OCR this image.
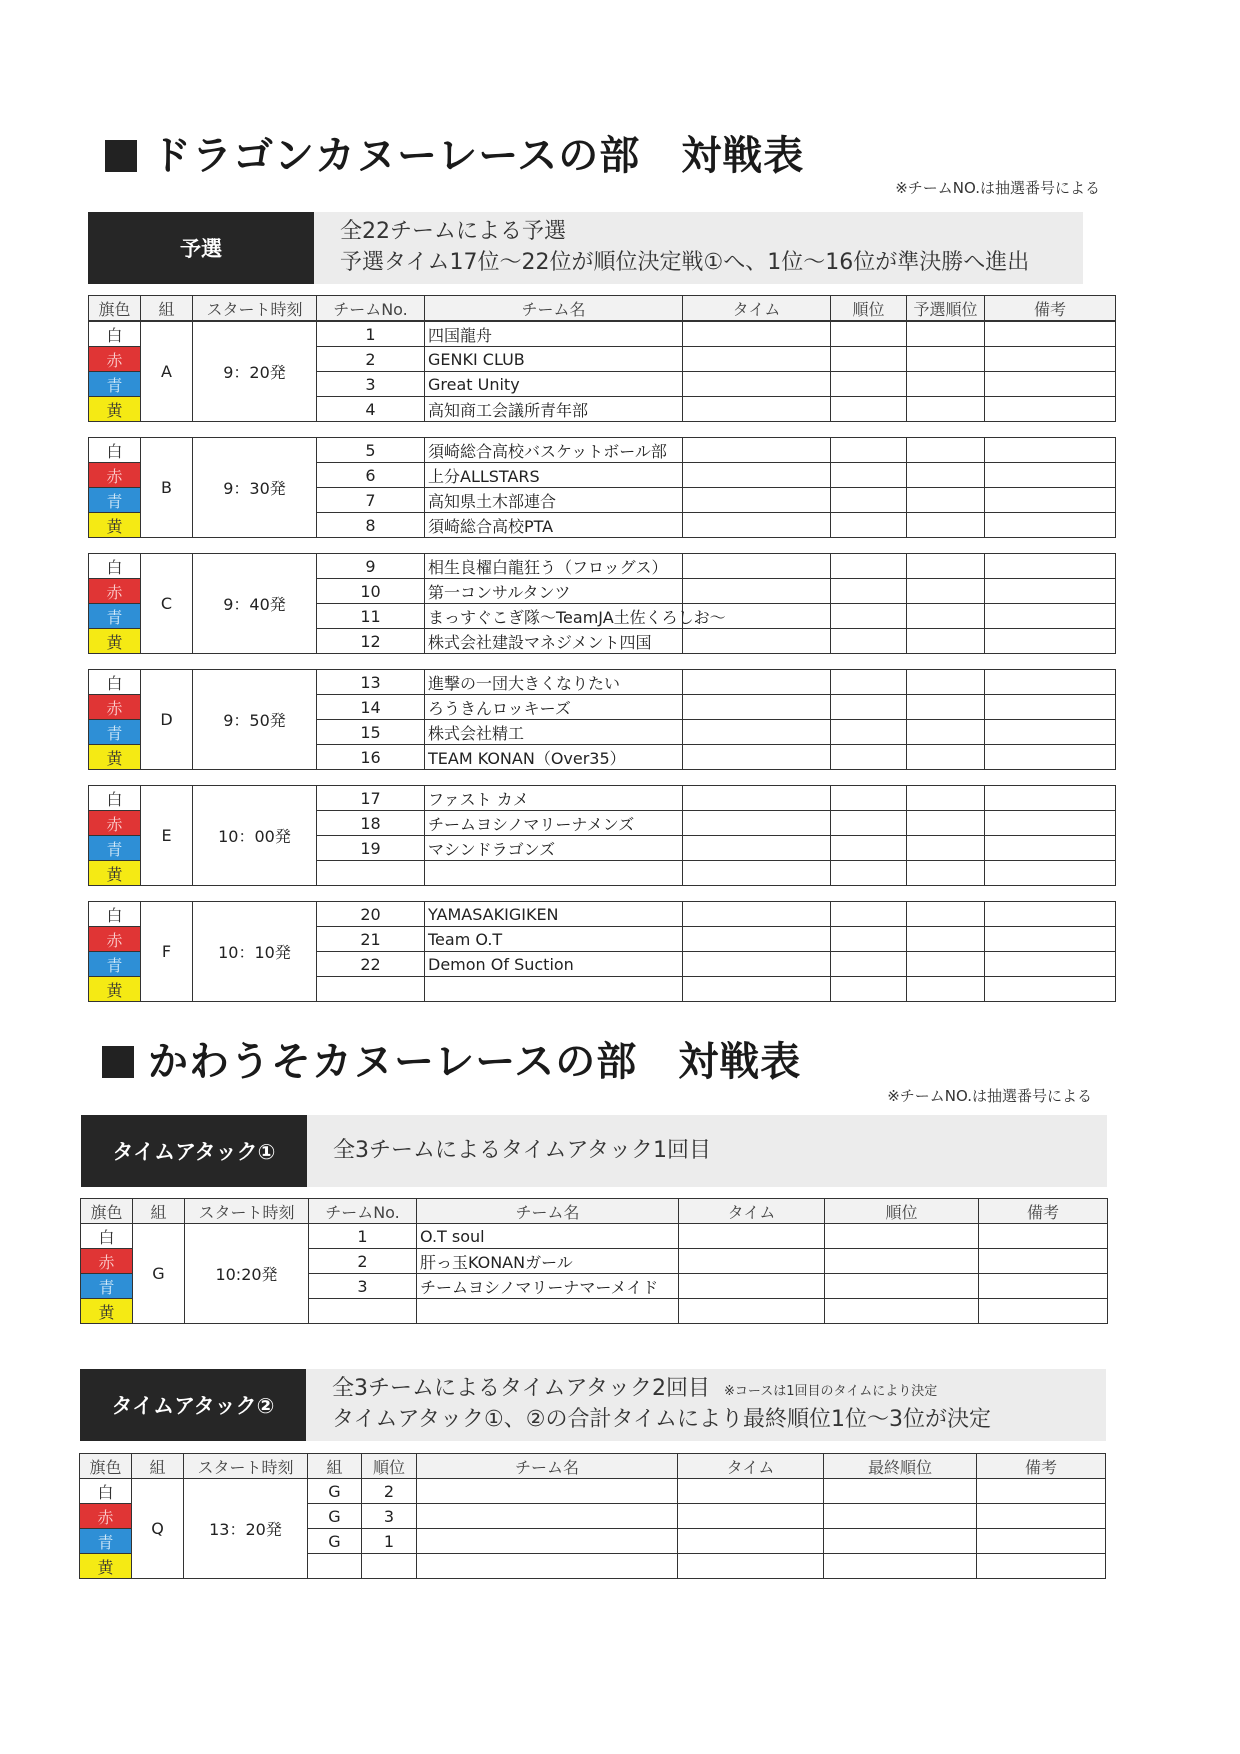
ドラゴンカヌーレースの部　対戦表
※チームNO.は抽選番号による
予選
全22チームによる予選
予選タイム17位～22位が順位決定戦①へ、1位～16位が準決勝へ進出
旗色	組	スタート時刻	チームNo.	チーム名	タイム	順位	予選順位	備考
白	A	9：20発	1	四国龍舟				
赤			2	GENKI CLUB				
青			3	Great Unity				
黄			4	高知商工会議所青年部				
白	B	9：30発	5	須崎総合高校バスケットボール部				
赤			6	上分ALLSTARS				
青			7	高知県土木部連合				
黄			8	須崎総合高校PTA				
白	C	9：40発	9	相生良櫂白龍狂う（フロッグス）				
赤			10	第一コンサルタンツ				
青			11	まっすぐこぎ隊～TeamJA土佐くろしお～				
黄			12	株式会社建設マネジメント四国				
白	D	9：50発	13	進撃の一団大きくなりたい				
赤			14	ろうきんロッキーズ				
青			15	株式会社精工				
黄			16	TEAM KONAN（Over35）				
白	E	10：00発	17	ファスト カメ				
赤			18	チームヨシノマリーナメンズ				
青			19	マシンドラゴンズ				
黄								
白	F	10：10発	20	YAMASAKIGIKEN				
赤			21	Team O.T				
青			22	Demon Of Suction				
黄								
かわうそカヌーレースの部　対戦表
※チームNO.は抽選番号による
タイムアタック①	全3チームによるタイムアタック1回目
旗色	組	スタート時刻	チームNo.	チーム名	タイム	順位	備考
白	G	10:20発	1	O.T soul			
赤			2	肝っ玉KONANガール			
青			3	チームヨシノマリーナマーメイド			
黄							
タイムアタック②
全3チームによるタイムアタック2回目 ※コースは1回目のタイムにより決定
タイムアタック①、②の合計タイムにより最終順位1位～3位が決定
旗色	組	スタート時刻	組	順位	チーム名	タイム	最終順位	備考
白	Q	13：20発	G	2				
赤			G	3				
青			G	1				
黄								
